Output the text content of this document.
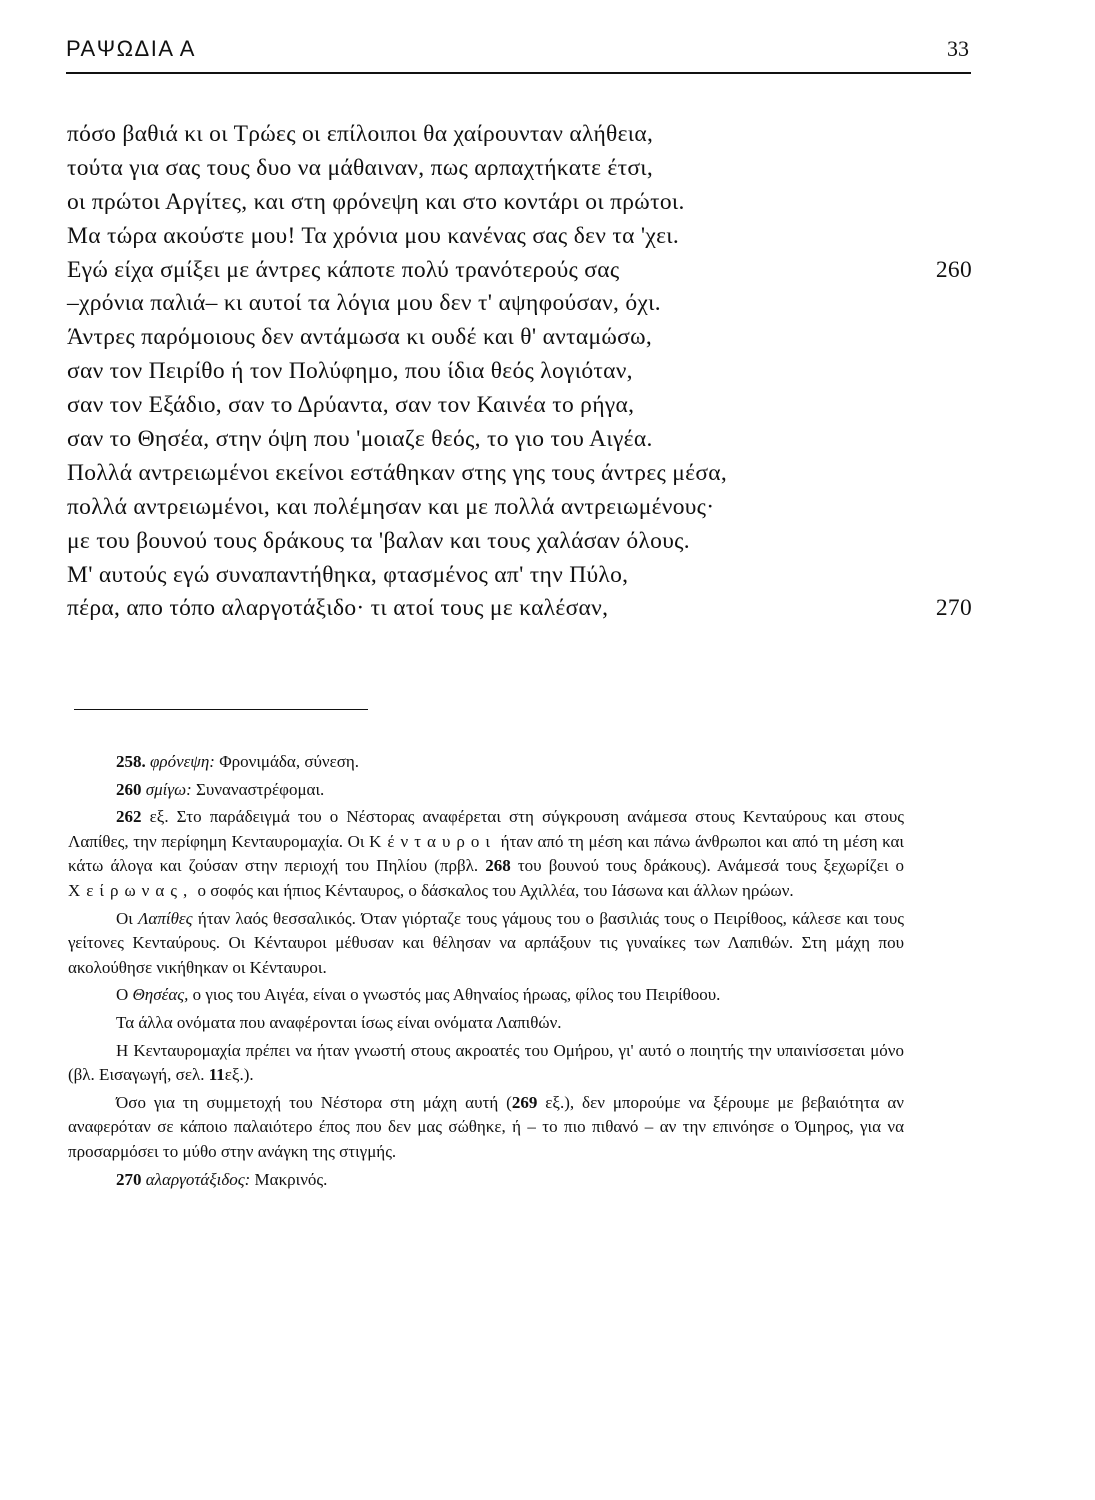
ΡΑΨΩΔΙΑ Α	33
πόσο βαθιά κι οι Τρώες οι επίλοιποι θα χαίρουνταν αλήθεια,
τούτα για σας τους δυο να μάθαιναν, πως αρπαχτήκατε έτσι,
οι πρώτοι Αργίτες, και στη φρόνεψη και στο κοντάρι οι πρώτοι.
Μα τώρα ακούστε μου! Τα χρόνια μου κανένας σας δεν τα 'χει.
Εγώ είχα σμίξει με άντρες κάποτε πολύ τρανότερούς σας	260
–χρόνια παλιά– κι αυτοί τα λόγια μου δεν τ' αψηφούσαν, όχι.
Άντρες παρόμοιους δεν αντάμωσα κι ουδέ και θ' ανταμώσω,
σαν τον Πειρίθο ή τον Πολύφημο, που ίδια θεός λογιόταν,
σαν τον Εξάδιο, σαν το Δρύαντα, σαν τον Καινέα το ρήγα,
σαν το Θησέα, στην όψη που 'μοιαζε θεός, το γιο του Αιγέα.
Πολλά αντρειωμένοι εκείνοι εστάθηκαν στης γης τους άντρες μέσα,
πολλά αντρειωμένοι, και πολέμησαν και με πολλά αντρειωμένους·
με του βουνού τους δράκους τα 'βαλαν και τους χαλάσαν όλους.
Μ' αυτούς εγώ συναπαντήθηκα, φτασμένος απ' την Πύλο,
πέρα, απο τόπο αλαργοτάξιδο· τι ατοί τους με καλέσαν,	270

258. φρόνεψη: Φρονιμάδα, σύνεση.

260 σμίγω: Συναναστρέφομαι.

262 εξ. Στο παράδειγμά του ο Νέστορας αναφέρεται στη σύγκρουση ανάμεσα στους Κενταύρους και στους Λαπίθες, την περίφημη Κενταυρομαχία. Οι Κένταυροι ήταν από τη μέση και πάνω άνθρωποι και από τη μέση και κάτω άλογα και ζούσαν στην περιοχή του Πηλίου (πρβλ. 268 του βουνού τους δράκους). Ανάμεσά τους ξεχωρίζει ο Χείρωνας, ο σοφός και ήπιος Κένταυρος, ο δάσκαλος του Αχιλλέα, του Ιάσωνα και άλλων ηρώων.

Οι Λαπίθες ήταν λαός θεσσαλικός. Όταν γιόρταζε τους γάμους του ο βασιλιάς τους ο Πειρίθοος, κάλεσε και τους γείτονες Κενταύρους. Οι Κένταυροι μέθυσαν και θέλησαν να αρπάξουν τις γυναίκες των Λαπιθών. Στη μάχη που ακολούθησε νικήθηκαν οι Κένταυροι.

Ο Θησέας, ο γιος του Αιγέα, είναι ο γνωστός μας Αθηναίος ήρωας, φίλος του Πειρίθοου.

Τα άλλα ονόματα που αναφέρονται ίσως είναι ονόματα Λαπιθών.

Η Κενταυρομαχία πρέπει να ήταν γνωστή στους ακροατές του Ομήρου, γι' αυτό ο ποιητής την υπαινίσσεται μόνο (βλ. Εισαγωγή, σελ. 11εξ.).

Όσο για τη συμμετοχή του Νέστορα στη μάχη αυτή (269 εξ.), δεν μπορούμε να ξέρουμε με βεβαιότητα αν αναφερόταν σε κάποιο παλαιότερο έπος που δεν μας σώθηκε, ή – το πιο πιθανό – αν την επινόησε ο Όμηρος, για να προσαρμόσει το μύθο στην ανάγκη της στιγμής.

270 αλαργοτάξιδος: Μακρινός.
